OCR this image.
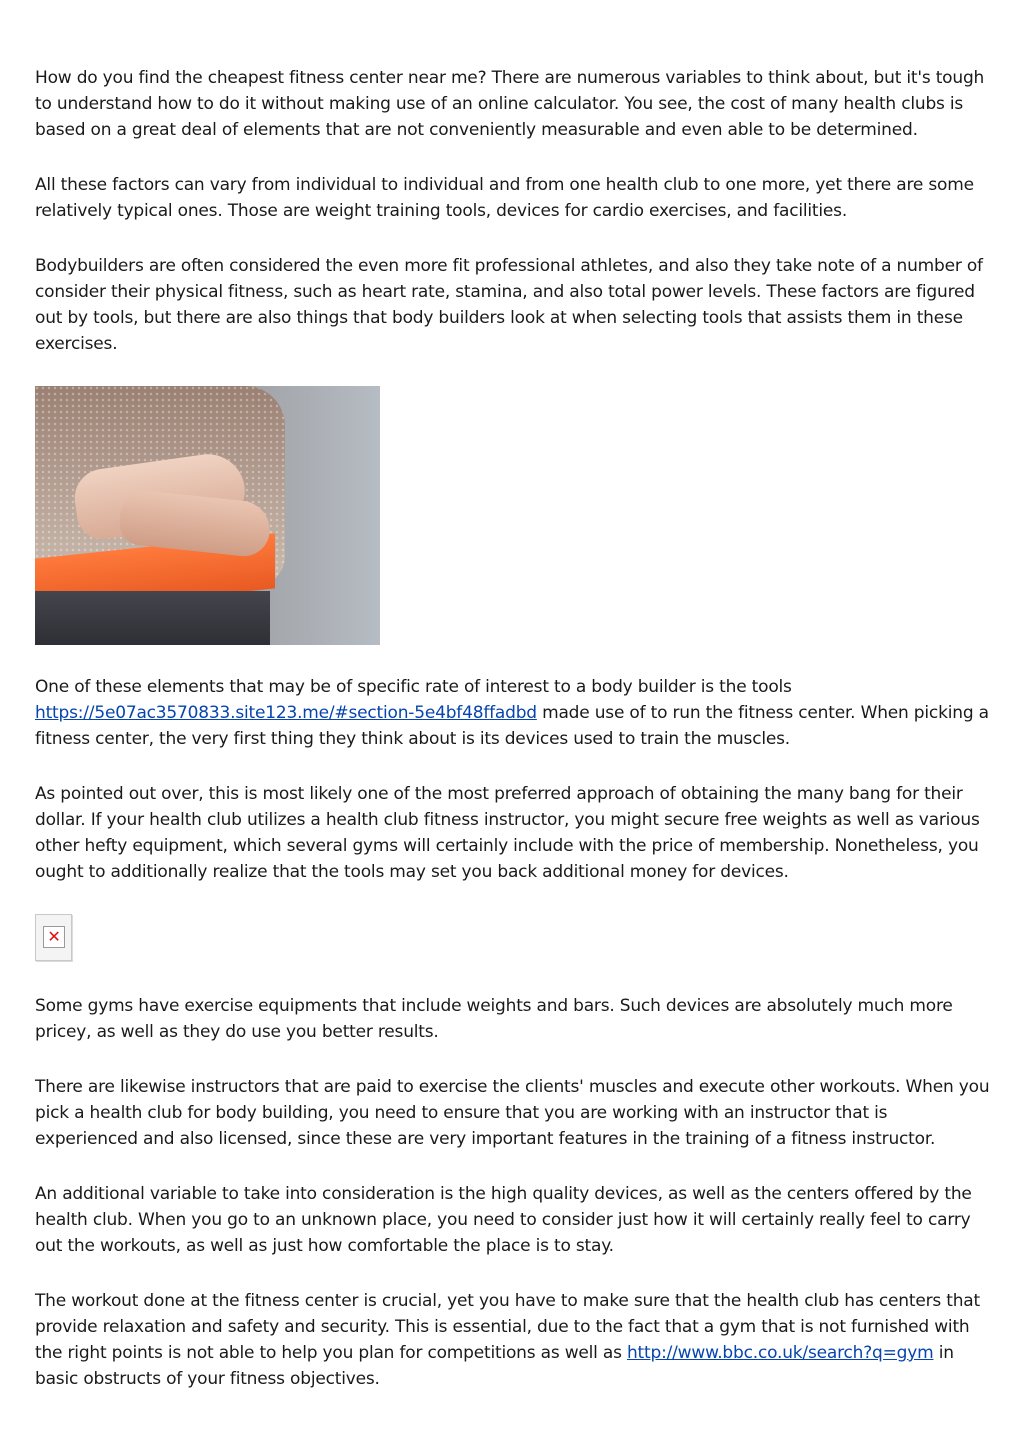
How do you find the cheapest fitness center near me? There are numerous variables to think about, but it's tough to understand how to do it without making use of an online calculator. You see, the cost of many health clubs is based on a great deal of elements that are not conveniently measurable and even able to be determined.

All these factors can vary from individual to individual and from one health club to one more, yet there are some relatively typical ones. Those are weight training tools, devices for cardio exercises, and facilities.

Bodybuilders are often considered the even more fit professional athletes, and also they take note of a number of consider their physical fitness, such as heart rate, stamina, and also total power levels. These factors are figured out by tools, but there are also things that body builders look at when selecting tools that assists them in these exercises.

One of these elements that may be of specific rate of interest to a body builder is the tools https://5e07ac3570833.site123.me/#section-5e4bf48ffadbd made use of to run the fitness center. When picking a fitness center, the very first thing they think about is its devices used to train the muscles.

As pointed out over, this is most likely one of the most preferred approach of obtaining the many bang for their dollar. If your health club utilizes a health club fitness instructor, you might secure free weights as well as various other hefty equipment, which several gyms will certainly include with the price of membership. Nonetheless, you ought to additionally realize that the tools may set you back additional money for devices.

✕

Some gyms have exercise equipments that include weights and bars. Such devices are absolutely much more pricey, as well as they do use you better results.

There are likewise instructors that are paid to exercise the clients' muscles and execute other workouts. When you pick a health club for body building, you need to ensure that you are working with an instructor that is experienced and also licensed, since these are very important features in the training of a fitness instructor.

An additional variable to take into consideration is the high quality devices, as well as the centers offered by the health club. When you go to an unknown place, you need to consider just how it will certainly really feel to carry out the workouts, as well as just how comfortable the place is to stay.

The workout done at the fitness center is crucial, yet you have to make sure that the health club has centers that provide relaxation and safety and security. This is essential, due to the fact that a gym that is not furnished with the right points is not able to help you plan for competitions as well as http://www.bbc.co.uk/search?q=gym in basic obstructs of your fitness objectives.
